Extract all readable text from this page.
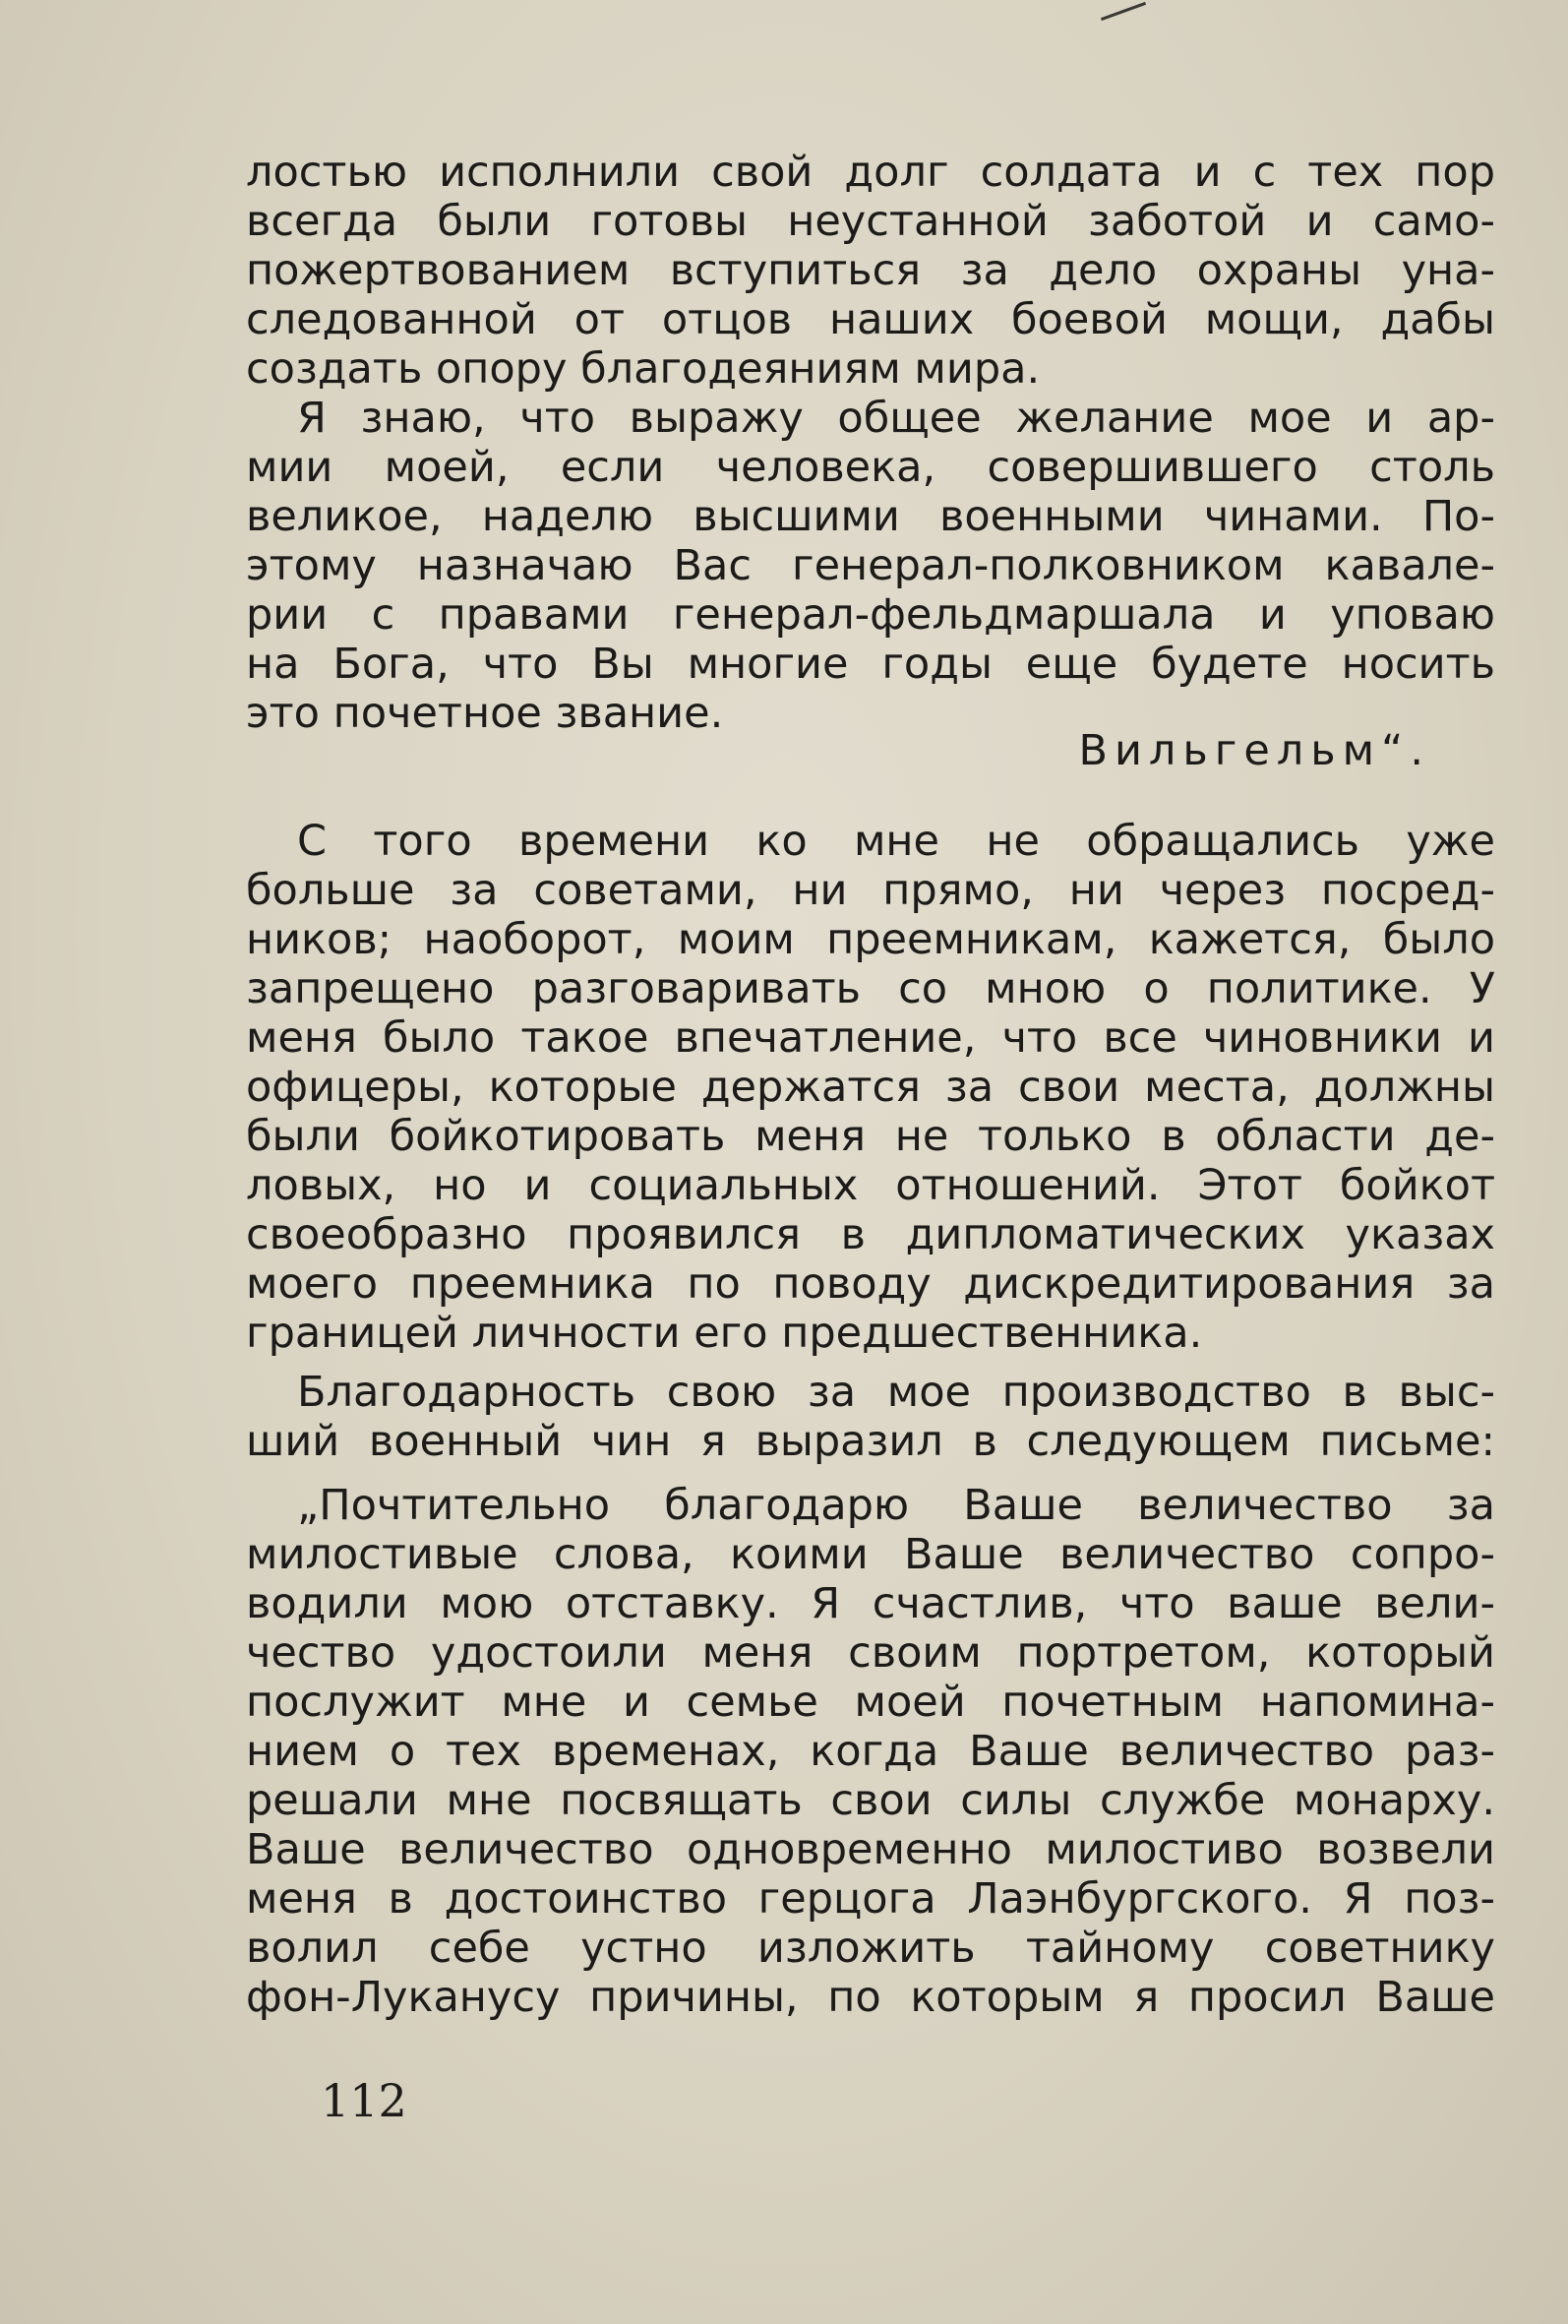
лостью исполнили свой долг солдата и с тех пор
всегда были готовы неустанной заботой и само-
пожертвованием вступиться за дело охраны уна-
следованной от отцов наших боевой мощи, дабы
создать опору благодеяниям мира.
Я знаю, что выражу общее желание мое и ар-
мии моей, если человека, совершившего столь
великое, наделю высшими военными чинами. По-
этому назначаю Вас генерал-полковником кавале-
рии с правами генерал-фельдмаршала и уповаю
на Бога, что Вы многие годы еще будете носить
это почетное звание.
Вильгельм“.
С того времени ко мне не обращались уже
больше за советами, ни прямо, ни через посред-
ников; наоборот, моим преемникам, кажется, было
запрещено разговаривать со мною о политике. У
меня было такое впечатление, что все чиновники и
офицеры, которые держатся за свои места, должны
были бойкотировать меня не только в области де-
ловых, но и социальных отношений. Этот бойкот
своеобразно проявился в дипломатических указах
моего преемника по поводу дискредитирования за
границей личности его предшественника.
Благодарность свою за мое производство в выс-
ший военный чин я выразил в следующем письме:
„Почтительно благодарю Ваше величество за
милостивые слова, коими Ваше величество сопро-
водили мою отставку. Я счастлив, что ваше вели-
чество удостоили меня своим портретом, который
послужит мне и семье моей почетным напомина-
нием о тех временах, когда Ваше величество раз-
решали мне посвящать свои силы службе монарху.
Ваше величество одновременно милостиво возвели
меня в достоинство герцога Лаэнбургского. Я поз-
волил себе устно изложить тайному советнику
фон-Луканусу причины, по которым я просил Ваше
112
